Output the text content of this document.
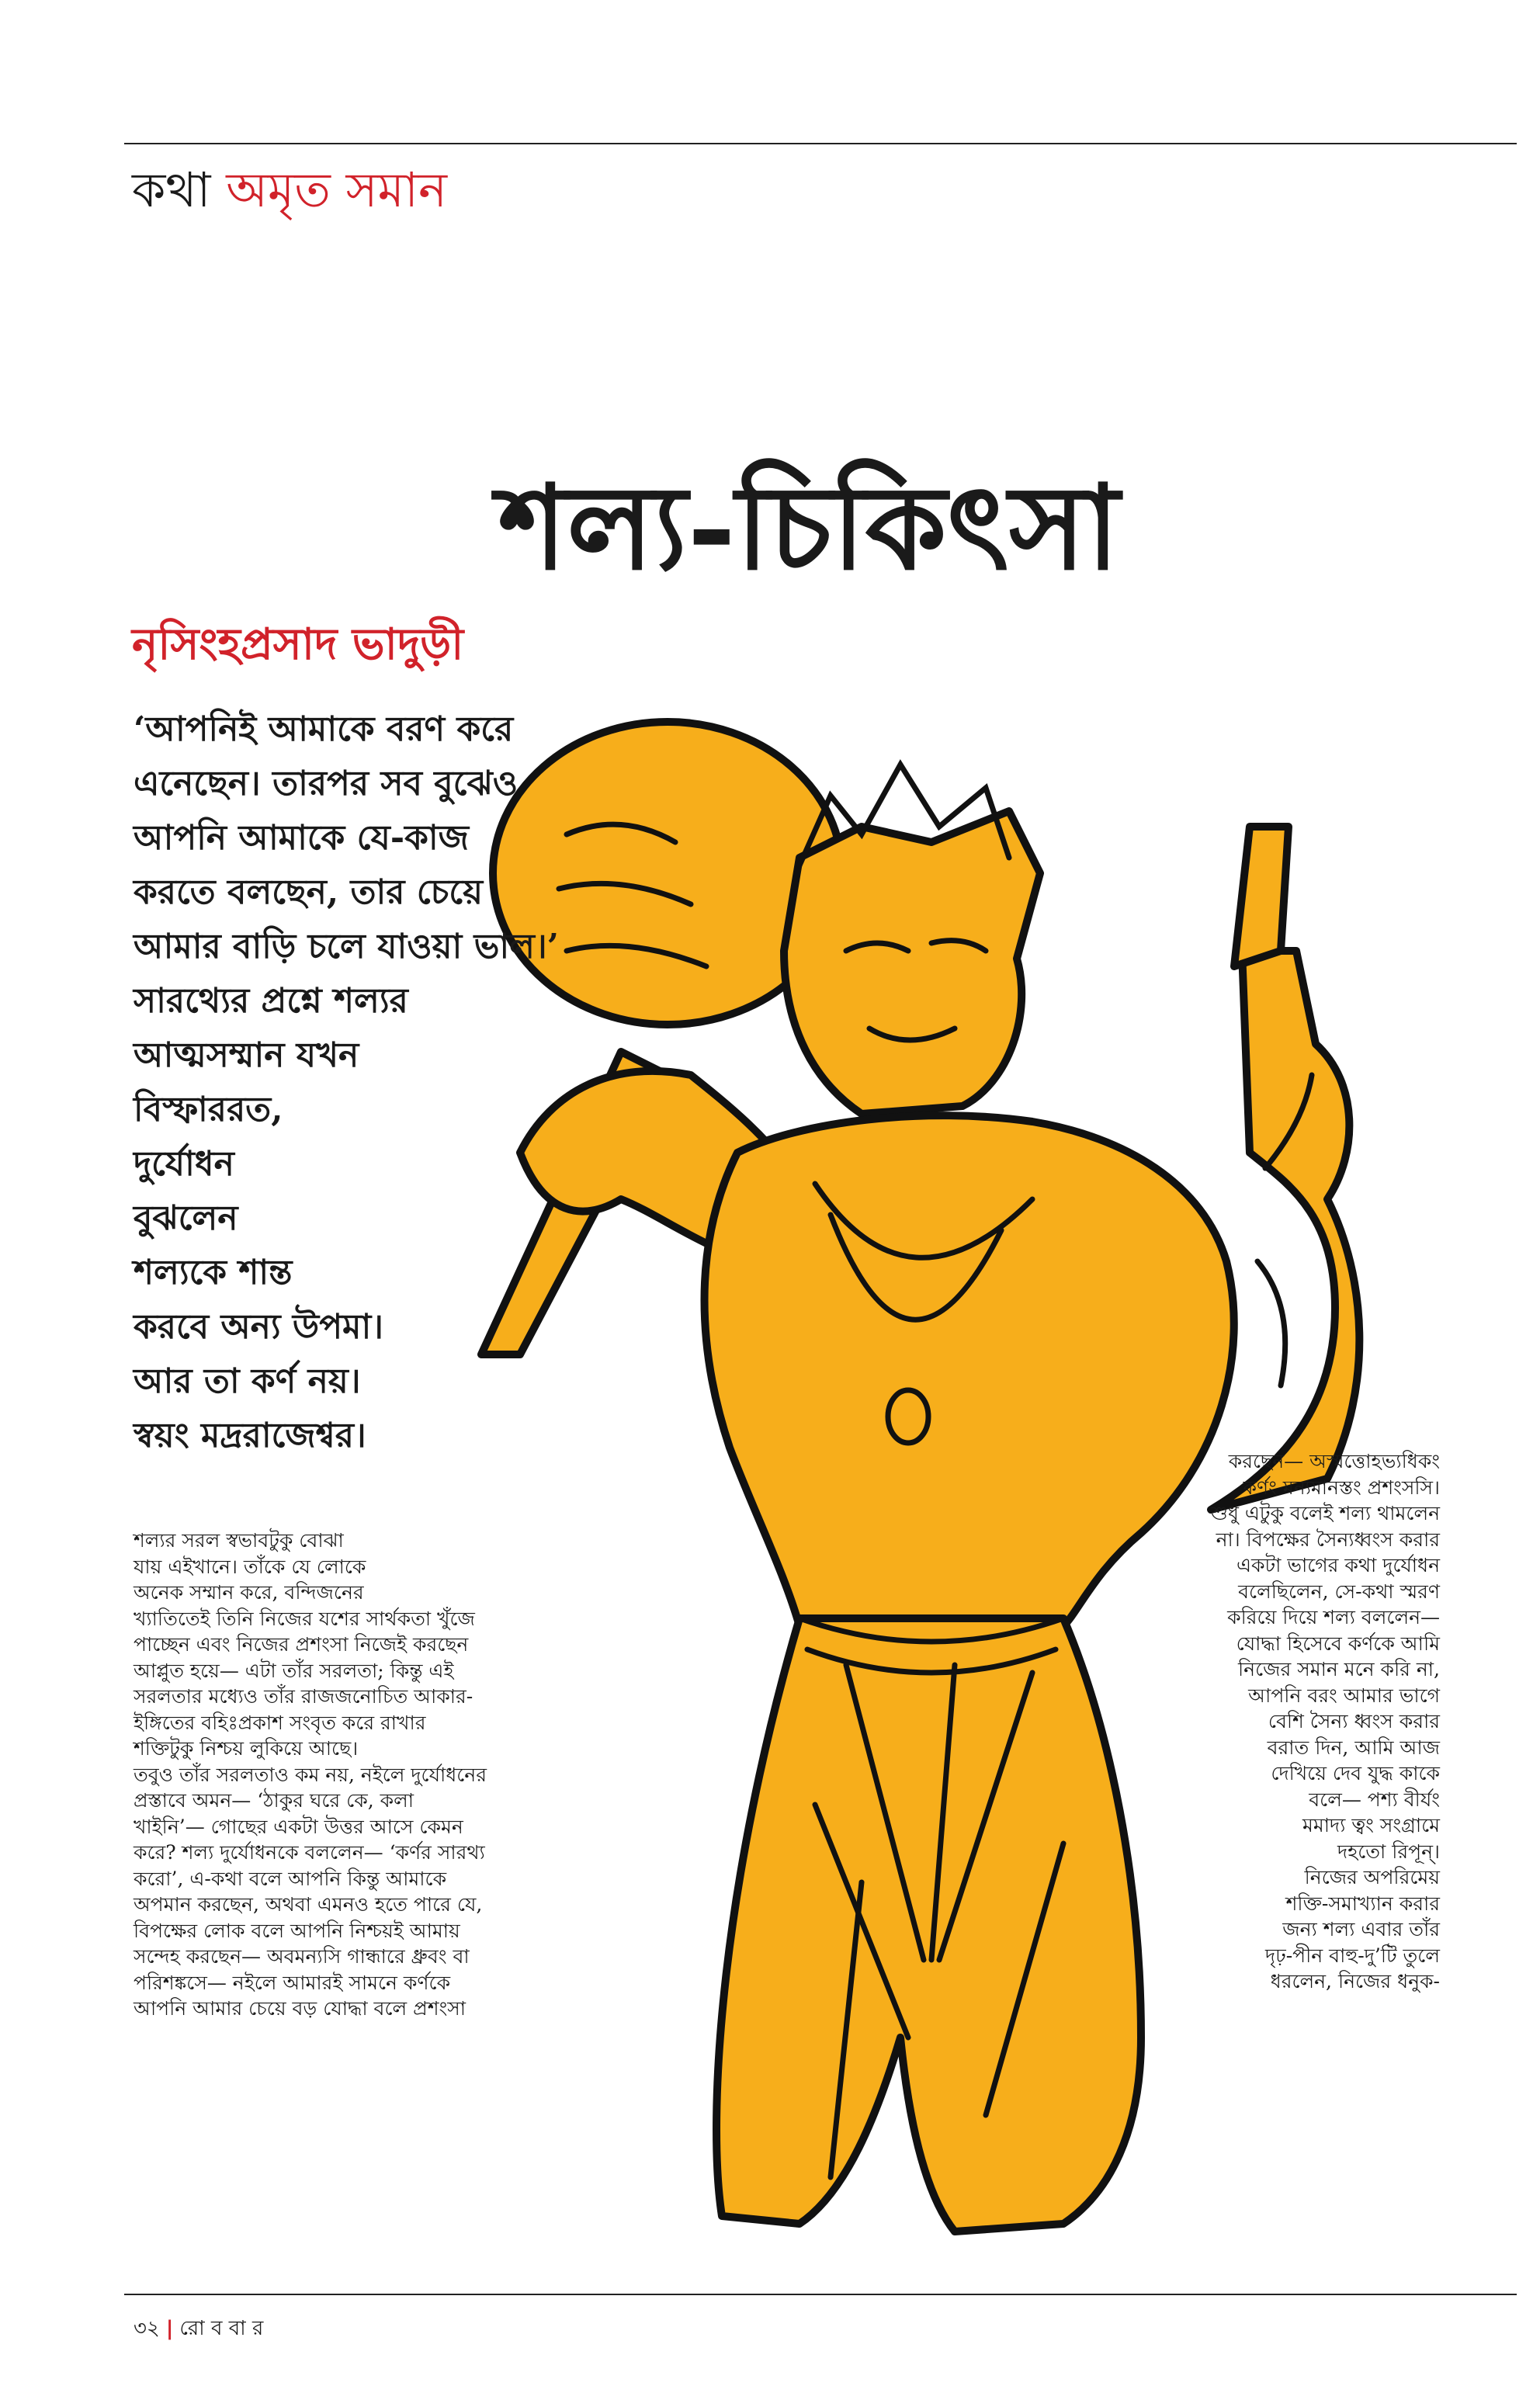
কথা অমৃত সমান
শল্য-চিকিৎসা
নৃসিংহপ্রসাদ ভাদুড়ী
‘আপনিই আমাকে বরণ করে
এনেছেন। তারপর সব বুঝেও
আপনি আমাকে যে-কাজ
করতে বলছেন, তার চেয়ে
আমার বাড়ি চলে যাওয়া ভাল।’
সারথ্যের প্রশ্নে শল্যর
আত্মসম্মান যখন
বিস্ফাররত,
দুর্যোধন
বুঝলেন
শল্যকে শান্ত
করবে অন্য উপমা।
আর তা কর্ণ নয়।
স্বয়ং মদ্ররাজেশ্বর।
শল্যর সরল স্বভাবটুকু বোঝা
যায় এইখানে। তাঁকে যে লোকে
অনেক সম্মান করে, বন্দিজনের
খ্যাতিতেই তিনি নিজের যশের সার্থকতা খুঁজে
পাচ্ছেন এবং নিজের প্রশংসা নিজেই করছেন
আপ্লুত হয়ে— এটা তাঁর সরলতা; কিন্তু এই
সরলতার মধ্যেও তাঁর রাজজনোচিত আকার-
ইঙ্গিতের বহিঃপ্রকাশ সংবৃত করে রাখার
শক্তিটুকু নিশ্চয় লুকিয়ে আছে।
তবুও তাঁর সরলতাও কম নয়, নইলে দুর্যোধনের
প্রস্তাবে অমন— ‘ঠাকুর ঘরে কে, কলা
খাইনি’— গোছের একটা উত্তর আসে কেমন
করে? শল্য দুর্যোধনকে বললেন— ‘কর্ণর সারথ্য
করো’, এ-কথা বলে আপনি কিন্তু আমাকে
অপমান করছেন, অথবা এমনও হতে পারে যে,
বিপক্ষের লোক বলে আপনি নিশ্চয়ই আমায়
সন্দেহ করছেন— অবমন্যসি গান্ধারে ধ্রুবং বা
পরিশঙ্কসে— নইলে আমারই সামনে কর্ণকে
আপনি আমার চেয়ে বড় যোদ্ধা বলে প্রশংসা
করছেন— অস্মত্তোহভ্যধিকং
কর্ণং মন্যমানস্তং প্রশংসসি।
শুধু এটুকু বলেই শল্য থামলেন
না। বিপক্ষের সৈন্যধ্বংস করার
একটা ভাগের কথা দুর্যোধন
বলেছিলেন, সে-কথা স্মরণ
করিয়ে দিয়ে শল্য বললেন—
যোদ্ধা হিসেবে কর্ণকে আমি
নিজের সমান মনে করি না,
আপনি বরং আমার ভাগে
বেশি সৈন্য ধ্বংস করার
বরাত দিন, আমি আজ
দেখিয়ে দেব যুদ্ধ কাকে
বলে— পশ্য বীর্যং
মমাদ্য ত্বং সংগ্রামে
দহতো রিপূন্।
নিজের অপরিমেয়
শক্তি-সমাখ্যান করার
জন্য শল্য এবার তাঁর
দৃঢ়-পীন বাহু-দু’টি তুলে
ধরলেন, নিজের ধনুক-
৩২ | রো ব বা র
